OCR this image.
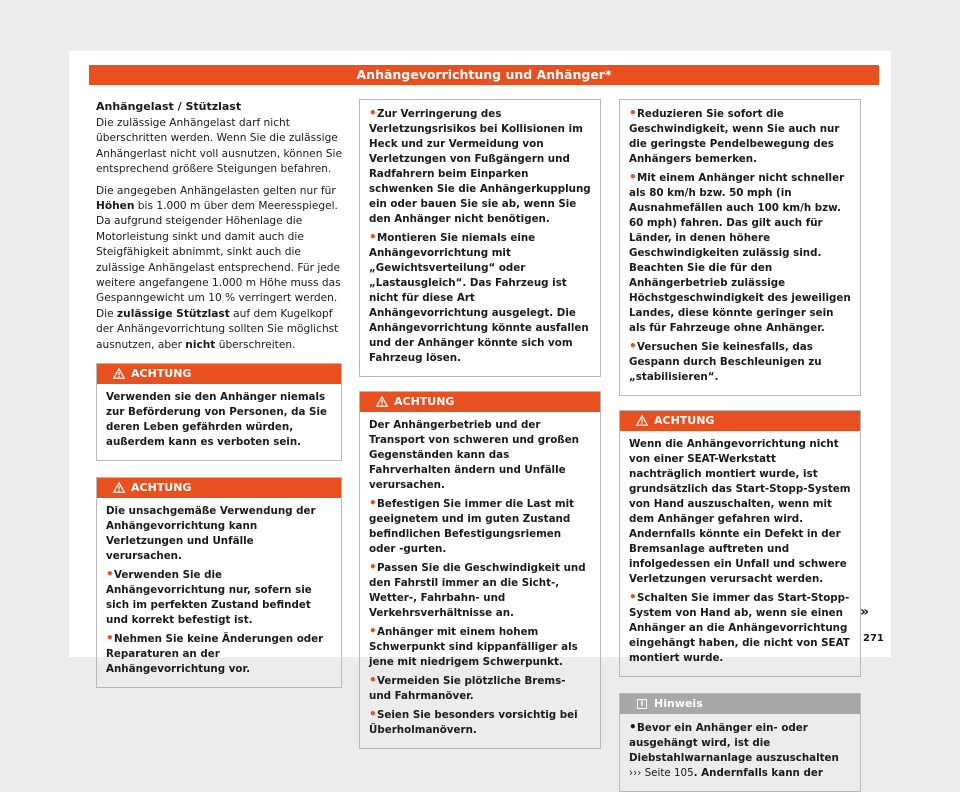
Anhängevorrichtung und Anhänger*
Anhängelast / Stützlast

Die zulässige Anhängelast darf nicht überschritten werden. Wenn Sie die zulässige Anhängerlast nicht voll ausnutzen, können Sie entsprechend größere Steigungen befahren.

Die angegeben Anhängelasten gelten nur für Höhen bis 1.000 m über dem Meeresspiegel. Da aufgrund steigender Höhenlage die Motorleistung sinkt und damit auch die Steigfähigkeit abnimmt, sinkt auch die zulässige Anhängelast entsprechend. Für jede weitere angefangene 1.000 m Höhe muss das Gespanngewicht um 10 % verringert werden. Die zulässige Stützlast auf dem Kugelkopf der Anhängevorrichtung sollten Sie möglichst ausnutzen, aber nicht überschreiten.

ACHTUNG

Verwenden sie den Anhänger niemals zur Beförderung von Personen, da Sie deren Leben gefährden würden, außerdem kann es verboten sein.

ACHTUNG

Die unsachgemäße Verwendung der Anhängevorrichtung kann Verletzungen und Unfälle verursachen.

•Verwenden Sie die Anhängevorrichtung nur, sofern sie sich im perfekten Zustand befindet und korrekt befestigt ist.

•Nehmen Sie keine Änderungen oder Reparaturen an der Anhängevorrichtung vor.

•Zur Verringerung des Verletzungsrisikos bei Kollisionen im Heck und zur Vermeidung von Verletzungen von Fußgängern und Radfahrern beim Einparken schwenken Sie die Anhängerkupplung ein oder bauen Sie sie ab, wenn Sie den Anhänger nicht benötigen.

•Montieren Sie niemals eine Anhängevorrichtung mit „Gewichtsverteilung“ oder „Lastausgleich“. Das Fahrzeug ist nicht für diese Art Anhängevorrichtung ausgelegt. Die Anhängevorrichtung könnte ausfallen und der Anhänger könnte sich vom Fahrzeug lösen.

ACHTUNG

Der Anhängerbetrieb und der Transport von schweren und großen Gegenständen kann das Fahrverhalten ändern und Unfälle verursachen.

•Befestigen Sie immer die Last mit geeignetem und im guten Zustand befindlichen Befestigungsriemen oder -gurten.

•Passen Sie die Geschwindigkeit und den Fahrstil immer an die Sicht-, Wetter-, Fahrbahn- und Verkehrsverhältnisse an.

•Anhänger mit einem hohem Schwerpunkt sind kippanfälliger als jene mit niedrigem Schwerpunkt.

•Vermeiden Sie plötzliche Brems- und Fahrmanöver.

•Seien Sie besonders vorsichtig bei Überholmanövern.

•Reduzieren Sie sofort die Geschwindigkeit, wenn Sie auch nur die geringste Pendelbewegung des Anhängers bemerken.

•Mit einem Anhänger nicht schneller als 80 km/h bzw. 50 mph (in Ausnahmefällen auch 100 km/h bzw. 60 mph) fahren. Das gilt auch für Länder, in denen höhere Geschwindigkeiten zulässig sind. Beachten Sie die für den Anhängerbetrieb zulässige Höchstgeschwindigkeit des jeweiligen Landes, diese könnte geringer sein als für Fahrzeuge ohne Anhänger.

•Versuchen Sie keinesfalls, das Gespann durch Beschleunigen zu „stabilisieren“.

ACHTUNG

Wenn die Anhängevorrichtung nicht von einer SEAT-Werkstatt nachträglich montiert wurde, ist grundsätzlich das Start-Stopp-System von Hand auszuschalten, wenn mit dem Anhänger gefahren wird. Andernfalls könnte ein Defekt in der Bremsanlage auftreten und infolgedessen ein Unfall und schwere Verletzungen verursacht werden.

•Schalten Sie immer das Start-Stopp-System von Hand ab, wenn sie einen Anhänger an die Anhängevorrichtung eingehängt haben, die nicht von SEAT montiert wurde.

i Hinweis

•Bevor ein Anhänger ein- oder ausgehängt wird, ist die Diebstahlwarnanlage auszuschalten ››› Seite 105. Andernfalls kann der

»
271
